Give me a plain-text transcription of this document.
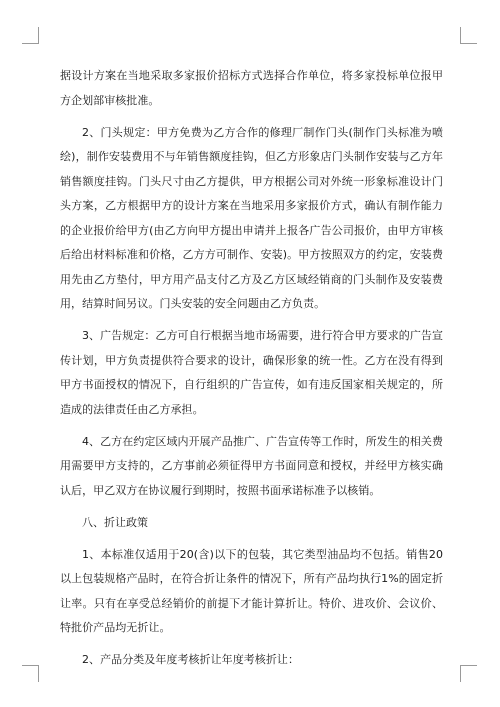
据设计方案在当地采取多家报价招标方式选择合作单位，将多家投标单位报甲方企划部审核批准。

2、门头规定：甲方免费为乙方合作的修理厂制作门头(制作门头标准为喷绘)，制作安装费用不与年销售额度挂钩，但乙方形象店门头制作安装与乙方年销售额度挂钩。门头尺寸由乙方提供，甲方根据公司对外统一形象标准设计门头方案，乙方根据甲方的设计方案在当地采用多家报价方式，确认有制作能力的企业报价给甲方(由乙方向甲方提出申请并上报各广告公司报价，由甲方审核后给出材料标准和价格，乙方方可制作、安装)。甲方按照双方的约定，安装费用先由乙方垫付，甲方用产品支付乙方及乙方区域经销商的门头制作及安装费用，结算时间另议。门头安装的安全问题由乙方负责。

3、广告规定：乙方可自行根据当地市场需要，进行符合甲方要求的广告宣传计划，甲方负责提供符合要求的设计，确保形象的统一性。乙方在没有得到甲方书面授权的情况下，自行组织的广告宣传，如有违反国家相关规定的，所造成的法律责任由乙方承担。

4、乙方在约定区域内开展产品推广、广告宣传等工作时，所发生的相关费用需要甲方支持的，乙方事前必须征得甲方书面同意和授权，并经甲方核实确认后，甲乙双方在协议履行到期时，按照书面承诺标准予以核销。

八、折让政策

1、本标准仅适用于20(含)以下的包装，其它类型油品均不包括。销售20以上包装规格产品时，在符合折让条件的情况下，所有产品均执行1%的固定折让率。只有在享受总经销价的前提下才能计算折让。特价、进攻价、会议价、特批价产品均无折让。

2、产品分类及年度考核折让年度考核折让：
